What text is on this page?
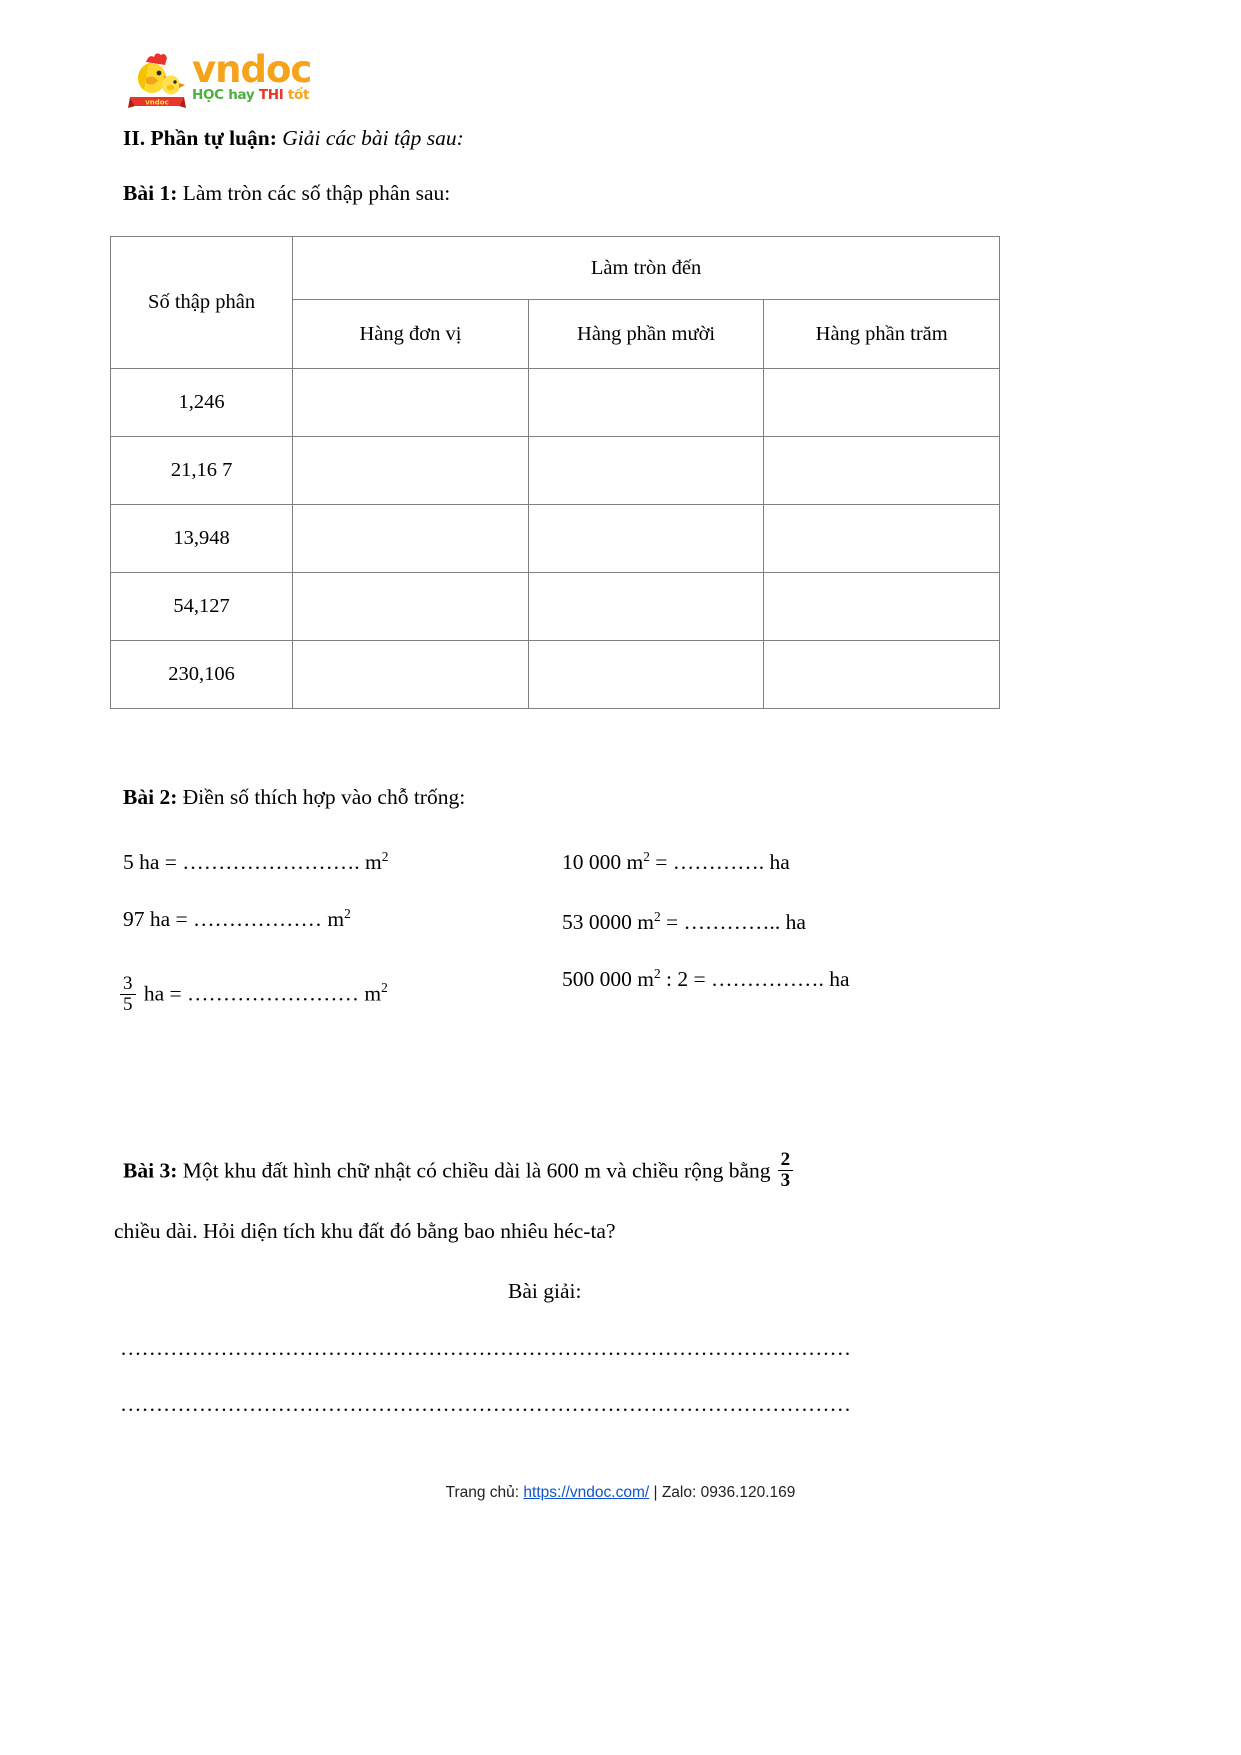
vndoc
vndoc
HỌC hay THI tốt
II. Phần tự luận: Giải các bài tập sau:
Bài 1: Làm tròn các số thập phân sau:
Số thập phân	Làm tròn đến		
	Hàng đơn vị	Hàng phần mười	Hàng phần trăm
1,246			
21,16 7			
13,948			
54,127			
230,106			
Bài 2: Điền số thích hợp vào chỗ trống:
5 ha = ……………………. $m^2$
97 ha = ……………… $m^2$
$\frac{3}{5}$ ha = …………………… $m^2$
10 000 $m^2$ = …………. ha
53 0000 $m^2$ = ………….. ha
500 000 $m^2$ : 2 = ……………. ha
Bài 3: Một khu đất hình chữ nhật có chiều dài là 600 m và chiều rộng bằng $\frac{2}{3}$
chiều dài. Hỏi diện tích khu đất đó bằng bao nhiêu héc-ta?
Bài giải:
…………………………………………………………………………………………
…………………………………………………………………………………………
Trang chủ: https://vndoc.com/ | Zalo: 0936.120.169
